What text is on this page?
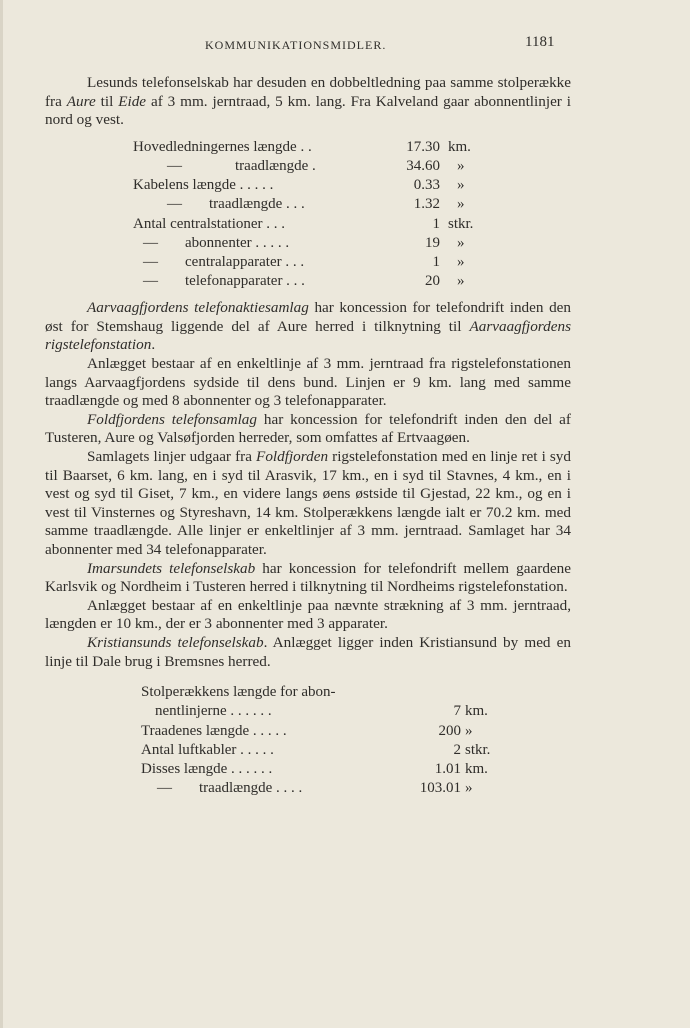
KOMMUNIKATIONSMIDLER.	1181

Lesunds telefonselskab har desuden en dobbeltledning paa samme stolperække fra Aure til Eide af 3 mm. jerntraad, 5 km. lang. Fra Kalveland gaar abonnentlinjer i nord og vest.

Hovedledningernes længde . .	17.30 km.
—	traadlængde .	34.60 »
Kabelens længde . . . . .	0.33 »
— traadlængde . . .	1.32 »
Antal centralstationer . . .	1 stkr.
— abonnenter . . . . .	19 »
— centralapparater . . .	1 »
— telefonapparater . . .	20 »

Aarvaagfjordens telefonaktiesamlag har koncession for telefondrift inden den øst for Stemshaug liggende del af Aure herred i tilknytning til Aarvaagfjordens rigstelefonstation.

Anlægget bestaar af en enkeltlinje af 3 mm. jerntraad fra rigstelefonstationen langs Aarvaagfjordens sydside til dens bund. Linjen er 9 km. lang med samme traadlængde og med 8 abonnenter og 3 telefonapparater.

Foldfjordens telefonsamlag har koncession for telefondrift inden den del af Tusteren, Aure og Valsøfjorden herreder, som omfattes af Ertvaagøen.

Samlagets linjer udgaar fra Foldfjorden rigstelefonstation med en linje ret i syd til Baarset, 6 km. lang, en i syd til Arasvik, 17 km., en i syd til Stavnes, 4 km., en i vest og syd til Giset, 7 km., en videre langs øens østside til Gjestad, 22 km., og en i vest til Vinsternes og Styreshavn, 14 km. Stolperækkens længde ialt er 70.2 km. med samme traadlængde. Alle linjer er enkeltlinjer af 3 mm. jerntraad. Samlaget har 34 abonnenter med 34 telefonapparater.

Imarsundets telefonselskab har koncession for telefondrift mellem gaardene Karlsvik og Nordheim i Tusteren herred i tilknytning til Nordheims rigstelefonstation.

Anlægget bestaar af en enkeltlinje paa nævnte strækning af 3 mm. jerntraad, længden er 10 km., der er 3 abonnenter med 3 apparater.

Kristiansunds telefonselskab. Anlægget ligger inden Kristiansund by med en linje til Dale brug i Bremsnes herred.

Stolperækkens længde for abon-
nentlinjerne . . . . . .	7 km.
Traadenes længde . . . . .	200 »
Antal luftkabler . . . . .	2 stkr.
Disses længde . . . . . .	1.01 km.
— traadlængde . . . .	103.01 »
